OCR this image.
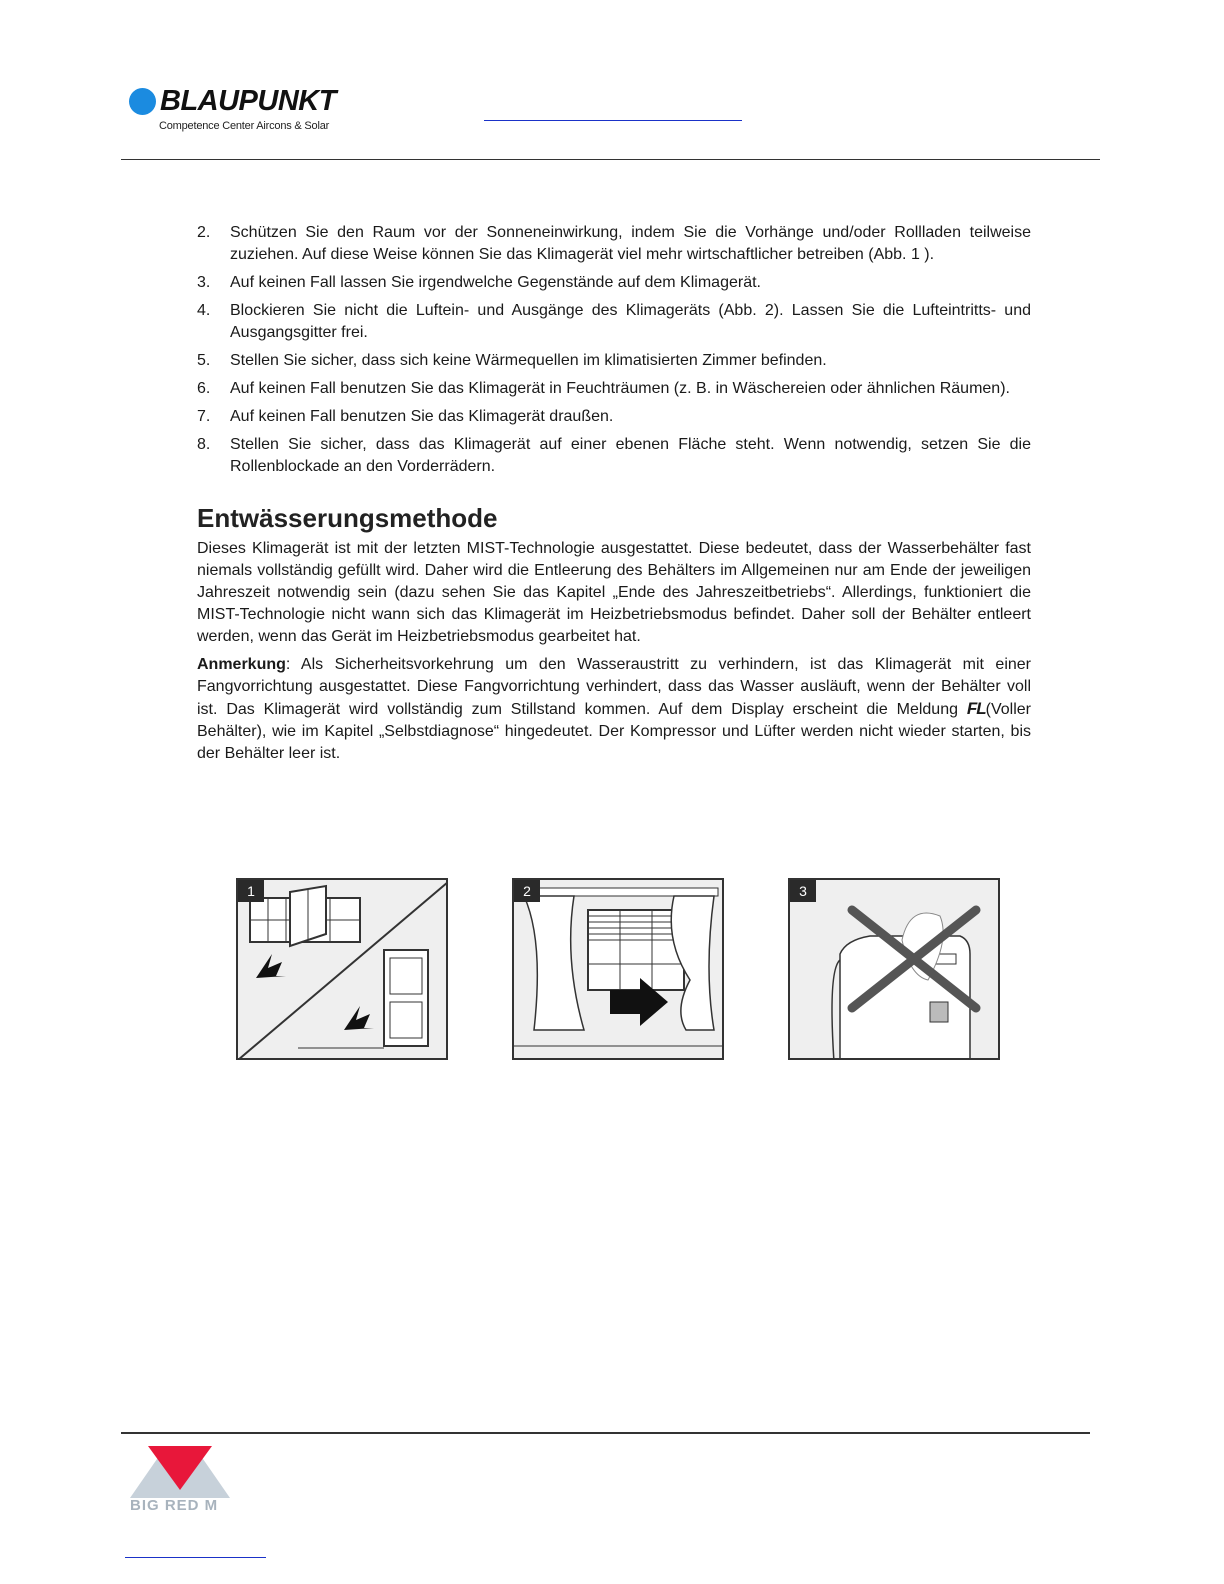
BLAUPUNKT
Competence Center Aircons & Solar
2. Schützen Sie den Raum vor der Sonneneinwirkung, indem Sie die Vorhänge und/oder Rollladen teilweise zuziehen. Auf diese Weise können Sie das Klimagerät viel mehr wirtschaftlicher betreiben (Abb. 1 ).
3. Auf keinen Fall lassen Sie irgendwelche Gegenstände auf dem Klimagerät.
4. Blockieren Sie nicht die Luftein- und Ausgänge des Klimageräts (Abb. 2). Lassen Sie die Lufteintritts- und Ausgangsgitter frei.
5. Stellen Sie sicher, dass sich keine Wärmequellen im klimatisierten Zimmer befinden.
6. Auf keinen Fall benutzen Sie das Klimagerät in Feuchträumen (z. B. in Wäschereien oder ähnlichen Räumen).
7. Auf keinen Fall benutzen Sie das Klimagerät draußen.
8. Stellen Sie sicher, dass das Klimagerät auf einer ebenen Fläche steht. Wenn notwendig, setzen Sie die Rollenblockade an den Vorderrädern.
Entwässerungsmethode

Dieses Klimagerät ist mit der letzten MIST-Technologie ausgestattet. Diese bedeutet, dass der Wasserbehälter fast niemals vollständig gefüllt wird. Daher wird die Entleerung des Behälters im Allgemeinen nur am Ende der jeweiligen Jahreszeit notwendig sein (dazu sehen Sie das Kapitel „Ende des Jahreszeitbetriebs“. Allerdings, funktioniert die MIST-Technologie nicht wann sich das Klimagerät im Heizbetriebsmodus befindet. Daher soll der Behälter entleert werden, wenn das Gerät im Heizbetriebsmodus gearbeitet hat.

Anmerkung: Als Sicherheitsvorkehrung um den Wasseraustritt zu verhindern, ist das Klimagerät mit einer Fangvorrichtung ausgestattet. Diese Fangvorrichtung verhindert, dass das Wasser ausläuft, wenn der Behälter voll ist. Das Klimagerät wird vollständig zum Stillstand kommen. Auf dem Display erscheint die Meldung FL(Voller Behälter), wie im Kapitel „Selbstdiagnose“ hingedeutet. Der Kompressor und Lüfter werden nicht wieder starten, bis der Behälter leer ist.

1	2	3
BIG RED M
